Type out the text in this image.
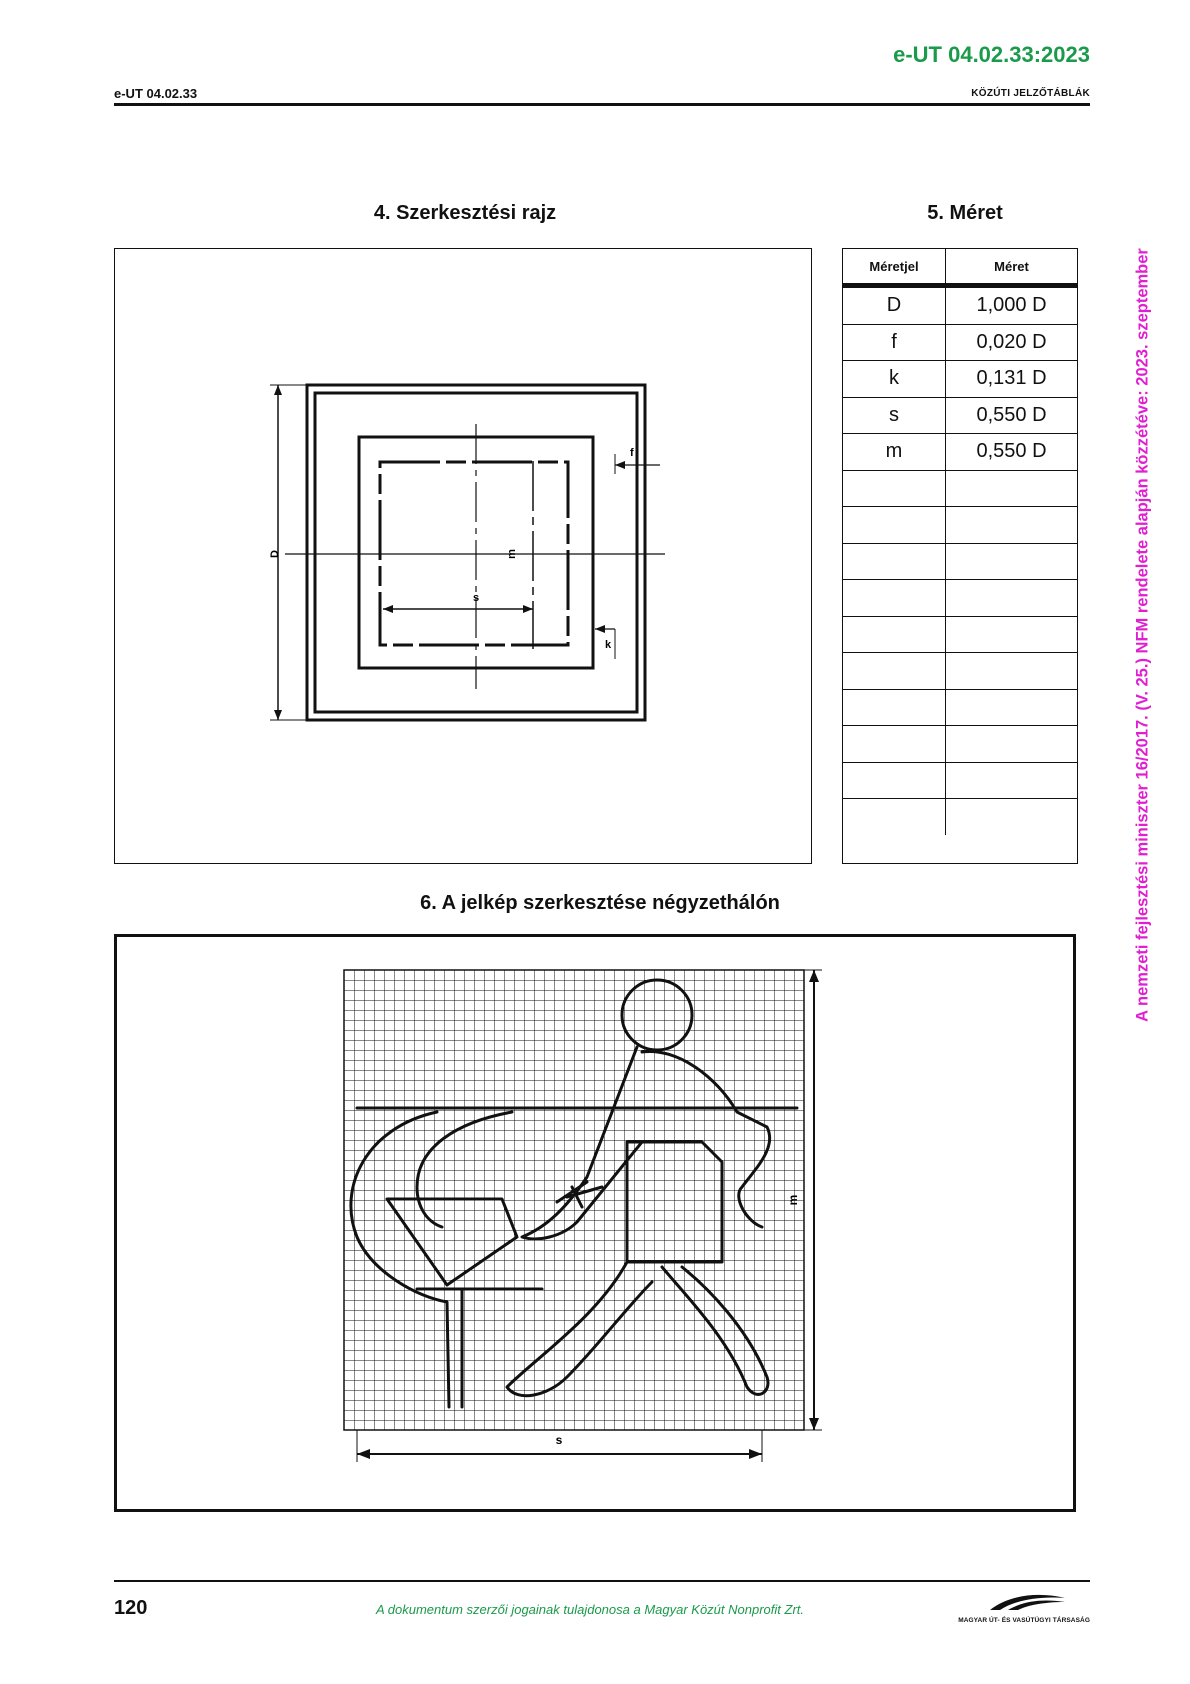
e-UT 04.02.33:2023
e-UT 04.02.33	KÖZÚTI JELZŐTÁBLÁK
A nemzeti fejlesztési miniszter 16/2017. (V. 25.) NFM rendelete alapján közzétéve: 2023. szeptember
4. Szerkesztési rajz	5. Méret
D
f
k
s
m
Méretjel	Méret
D	1,000 D
f	0,020 D
k	0,131 D
s	0,550 D
m	0,550 D

6. A jelkép szerkesztése négyzethálón
m
s
120	A dokumentum szerzői jogainak tulajdonosa a Magyar Közút Nonprofit Zrt.
MAGYAR ÚT- ÉS VASÚTÜGYI TÁRSASÁG
